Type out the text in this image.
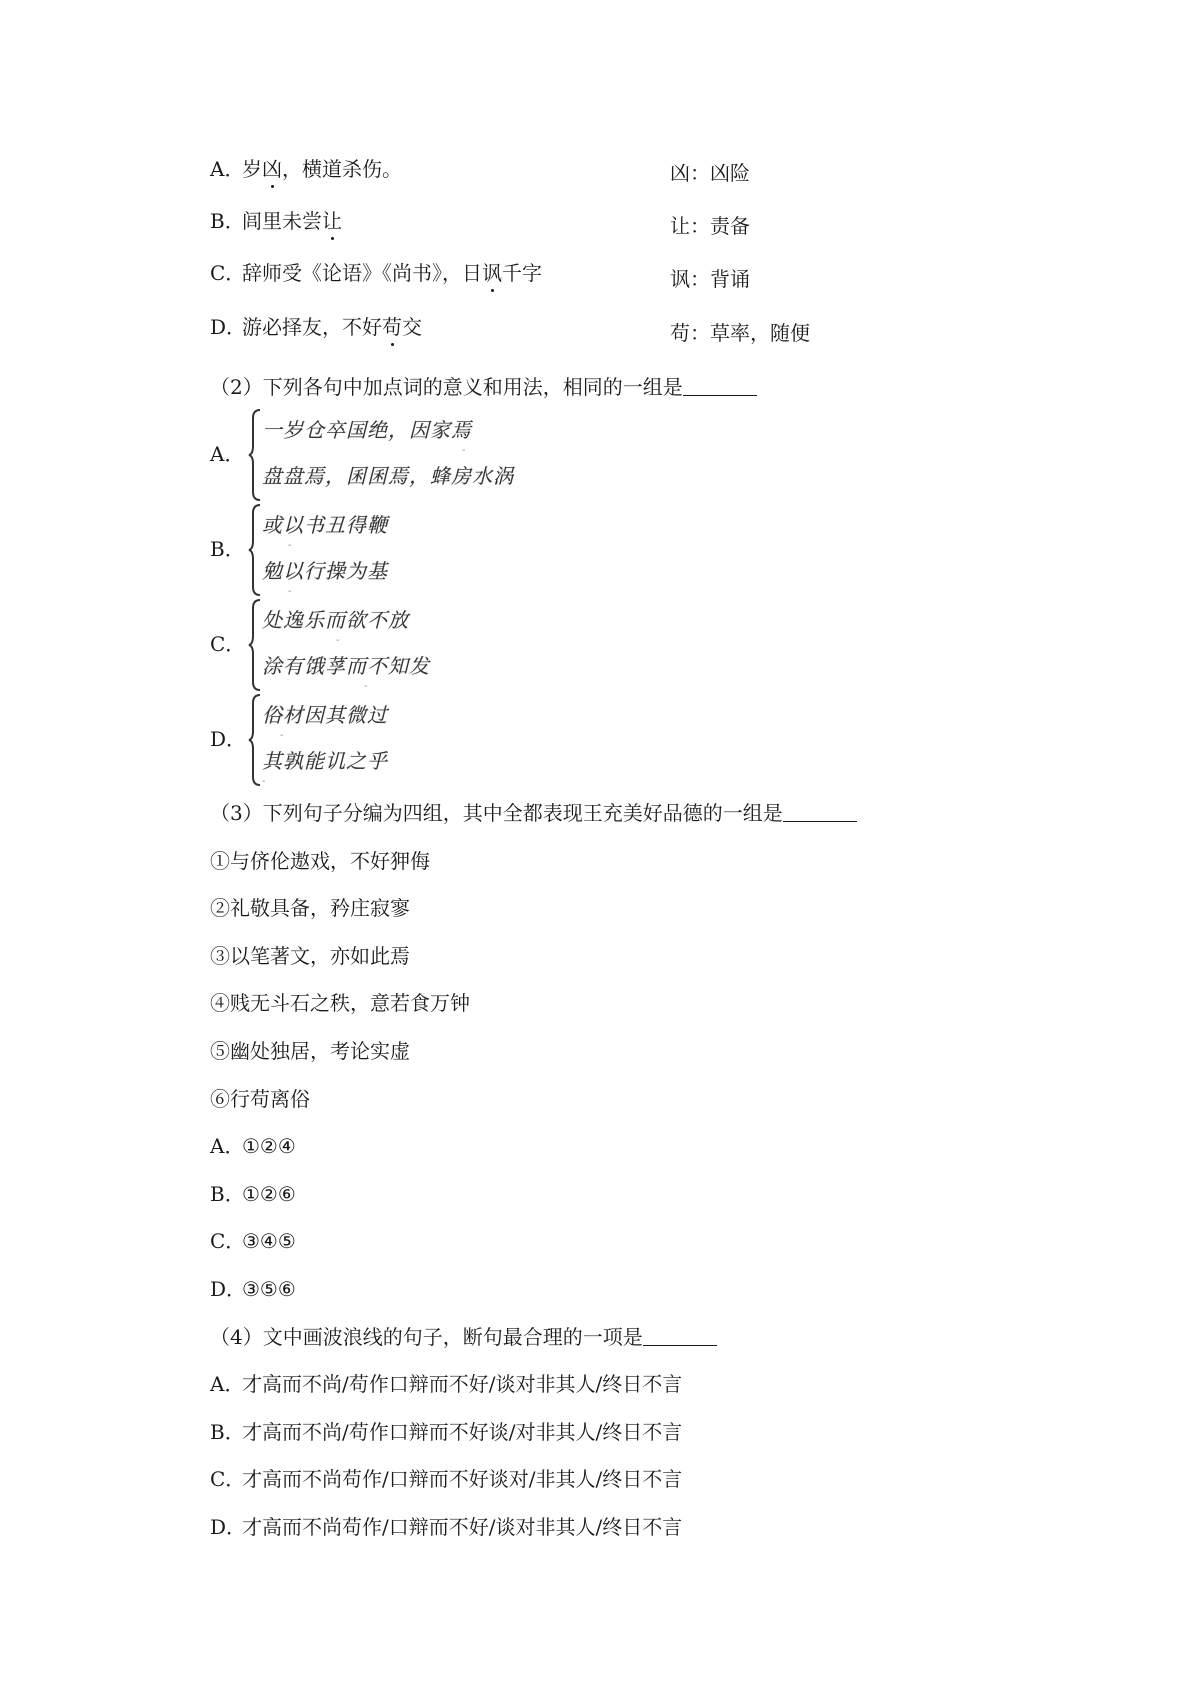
A．岁凶，横道杀伤。	凶：凶险
B．闾里未尝让	让：责备
C．辞师受《论语》《尚书》，日讽千字	讽：背诵
D．游必择友，不好苟交	苟：草率，随便
（2）下列各句中加点词的意义和用法，相同的一组是
A．
一岁仓卒国绝，因家焉
盘盘焉，囷囷焉，蜂房水涡
-
B．
或以书丑得鞭
勉以行操为基
-
-
C．
处逸乐而欲不放
涂有饿莩而不知发
-
-
D．
俗材因其微过
其孰能讥之乎
-
-
（3）下列句子分编为四组，其中全都表现王充美好品德的一组是
①与侪伦遨戏，不好狎侮
②礼敬具备，矜庄寂寥
③以笔著文，亦如此焉
④贱无斗石之秩，意若食万钟
⑤幽处独居，考论实虚
⑥行苟离俗
A．①②④
B．①②⑥
C．③④⑤
D．③⑤⑥
（4）文中画波浪线的句子，断句最合理的一项是
A．才高而不尚/苟作口辩而不好/谈对非其人/终日不言
B．才高而不尚/苟作口辩而不好谈/对非其人/终日不言
C．才高而不尚苟作/口辩而不好谈对/非其人/终日不言
D．才高而不尚苟作/口辩而不好/谈对非其人/终日不言
